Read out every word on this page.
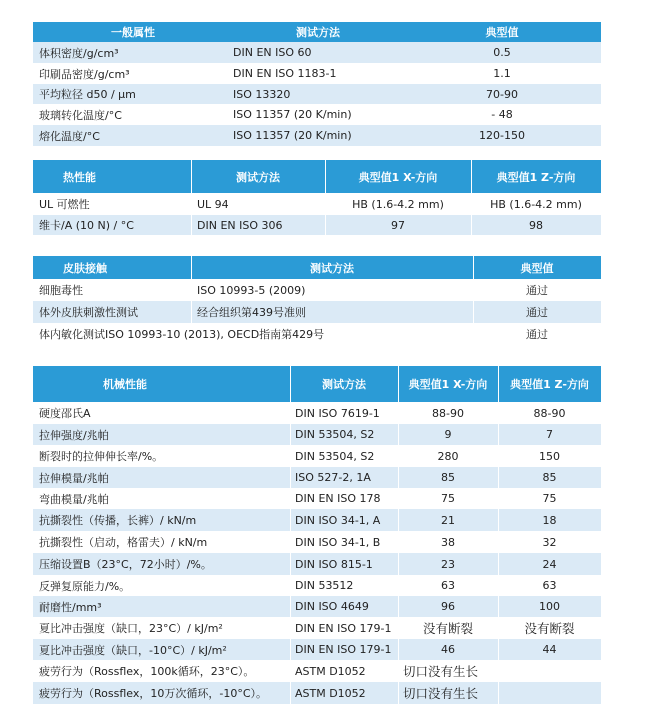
一般属性	测试方法	典型值
体积密度/g/cm³	DIN EN ISO 60	0.5
印刷品密度/g/cm³	DIN EN ISO 1183-1	1.1
平均粒径 d50 / μm	ISO 13320	70-90
玻璃转化温度/°C	ISO 11357 (20 K/min)	- 48
熔化温度/°C	ISO 11357 (20 K/min)	120-150
热性能	测试方法	典型值1 X-方向	典型值1 Z-方向
UL 可燃性	UL 94	HB (1.6-4.2 mm)	HB (1.6-4.2 mm)
维卡/A (10 N) / °C	DIN EN ISO 306	97	98
皮肤接触	测试方法	典型值
细胞毒性	ISO 10993-5 (2009)	通过
体外皮肤刺激性测试	经合组织第439号准则	通过
体内敏化测试ISO 10993-10 (2013), OECD指南第429号	通过
机械性能	测试方法	典型值1 X-方向	典型值1 Z-方向
硬度邵氏A	DIN ISO 7619-1	88-90	88-90
拉伸强度/兆帕	DIN 53504, S2	9	7
断裂时的拉伸伸长率/%。	DIN 53504, S2	280	150
拉伸模量/兆帕	ISO 527-2, 1A	85	85
弯曲模量/兆帕	DIN EN ISO 178	75	75
抗撕裂性（传播，长裤）/ kN/m	DIN ISO 34-1, A	21	18
抗撕裂性（启动，格雷夫）/ kN/m	DIN ISO 34-1, B	38	32
压缩设置B（23°C，72小时）/%。	DIN ISO 815-1	23	24
反弹复原能力/%。	DIN 53512	63	63
耐磨性/mm³	DIN ISO 4649	96	100
夏比冲击强度（缺口，23°C）/ kJ/m²	DIN EN ISO 179-1	没有断裂	没有断裂
夏比冲击强度（缺口，-10°C）/ kJ/m²	DIN EN ISO 179-1	46	44
疲劳行为（Rossflex，100k循环，23°C）。	ASTM D1052	切口没有生长
疲劳行为（Rossflex，10万次循环，-10°C）。	ASTM D1052	切口没有生长
